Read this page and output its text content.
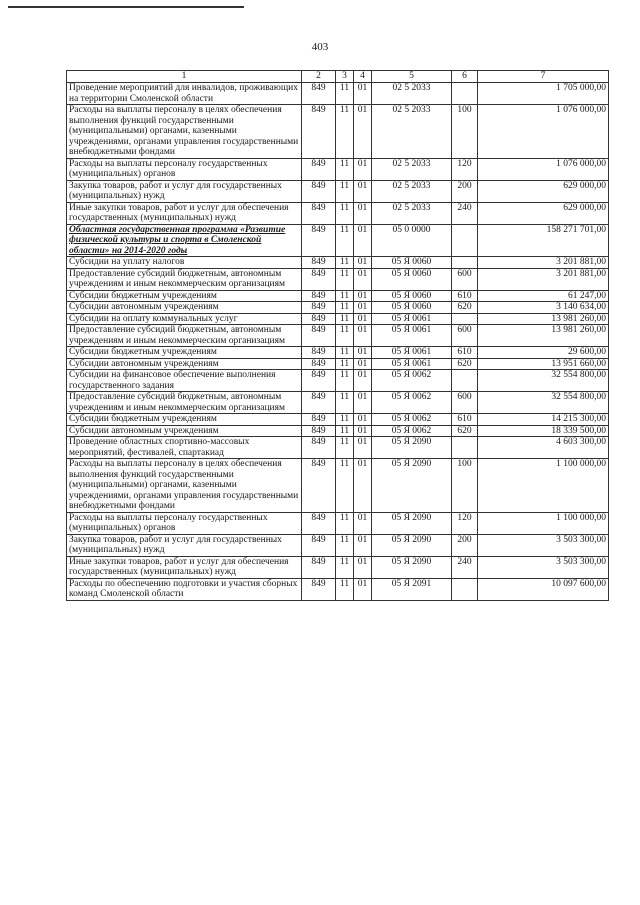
403
1	2	3	4	5	6	7
Проведение мероприятий для инвалидов, проживающих на территории Смоленской области	849	11	01	02 5 2033		1 705 000,00
Расходы на выплаты персоналу в целях обеспечения выполнения функций государственными (муниципальными) органами, казенными учреждениями, органами управления государственными внебюджетными фондами	849	11	01	02 5 2033	100	1 076 000,00
Расходы на выплаты персоналу государственных (муниципальных) органов	849	11	01	02 5 2033	120	1 076 000,00
Закупка товаров, работ и услуг для государственных (муниципальных) нужд	849	11	01	02 5 2033	200	629 000,00
Иные закупки товаров, работ и услуг для обеспечения государственных (муниципальных) нужд	849	11	01	02 5 2033	240	629 000,00
Областная государственная программа «Развитие физической культуры и спорта в Смоленской области» на 2014-2020 годы	849	11	01	05 0 0000		158 271 701,00
Субсидии на уплату налогов	849	11	01	05 Я 0060		3 201 881,00
Предоставление субсидий бюджетным, автономным учреждениям и иным некоммерческим организациям	849	11	01	05 Я 0060	600	3 201 881,00
Субсидии бюджетным учреждениям	849	11	01	05 Я 0060	610	61 247,00
Субсидии автономным учреждениям	849	11	01	05 Я 0060	620	3 140 634,00
Субсидии на оплату коммунальных услуг	849	11	01	05 Я 0061		13 981 260,00
Предоставление субсидий бюджетным, автономным учреждениям и иным некоммерческим организациям	849	11	01	05 Я 0061	600	13 981 260,00
Субсидии бюджетным учреждениям	849	11	01	05 Я 0061	610	29 600,00
Субсидии автономным учреждениям	849	11	01	05 Я 0061	620	13 951 660,00
Субсидии на финансовое обеспечение выполнения государственного задания	849	11	01	05 Я 0062		32 554 800,00
Предоставление субсидий бюджетным, автономным учреждениям и иным некоммерческим организациям	849	11	01	05 Я 0062	600	32 554 800,00
Субсидии бюджетным учреждениям	849	11	01	05 Я 0062	610	14 215 300,00
Субсидии автономным учреждениям	849	11	01	05 Я 0062	620	18 339 500,00
Проведение областных спортивно-массовых мероприятий, фестивалей, спартакиад	849	11	01	05 Я 2090		4 603 300,00
Расходы на выплаты персоналу в целях обеспечения выполнения функций государственными (муниципальными) органами, казенными учреждениями, органами управления государственными внебюджетными фондами	849	11	01	05 Я 2090	100	1 100 000,00
Расходы на выплаты персоналу государственных (муниципальных) органов	849	11	01	05 Я 2090	120	1 100 000,00
Закупка товаров, работ и услуг для государственных (муниципальных) нужд	849	11	01	05 Я 2090	200	3 503 300,00
Иные закупки товаров, работ и услуг для обеспечения государственных (муниципальных) нужд	849	11	01	05 Я 2090	240	3 503 300,00
Расходы по обеспечению подготовки и участия сборных команд Смоленской области	849	11	01	05 Я 2091		10 097 600,00
